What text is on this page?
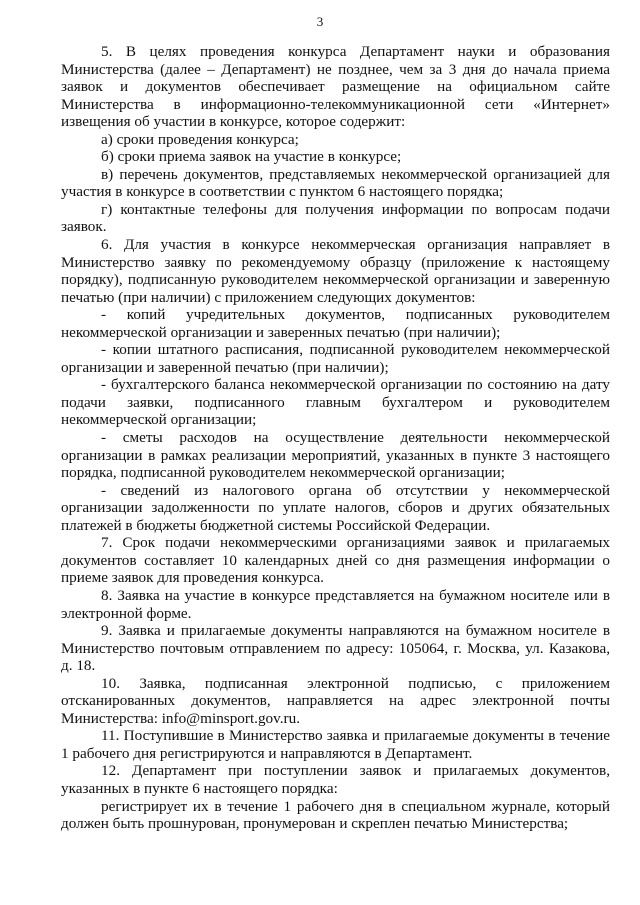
3

5. В целях проведения конкурса Департамент науки и образования Министерства (далее – Департамент) не позднее, чем за 3 дня до начала приема заявок и документов обеспечивает размещение на официальном сайте Министерства в информационно-телекоммуникационной сети «Интернет» извещения об участии в конкурсе, которое содержит:

а) сроки проведения конкурса;

б) сроки приема заявок на участие в конкурсе;

в) перечень документов, представляемых некоммерческой организацией для участия в конкурсе в соответствии с пунктом 6 настоящего порядка;

г) контактные телефоны для получения информации по вопросам подачи заявок.

6. Для участия в конкурсе некоммерческая организация направляет в Министерство заявку по рекомендуемому образцу (приложение к настоящему порядку), подписанную руководителем некоммерческой организации и заверенную печатью (при наличии) с приложением следующих документов:

- копий учредительных документов, подписанных руководителем некоммерческой организации и заверенных печатью (при наличии);

- копии штатного расписания, подписанной руководителем некоммерческой организации и заверенной печатью (при наличии);

- бухгалтерского баланса некоммерческой организации по состоянию на дату подачи заявки, подписанного главным бухгалтером и руководителем некоммерческой организации;

- сметы расходов на осуществление деятельности некоммерческой организации в рамках реализации мероприятий, указанных в пункте 3 настоящего порядка, подписанной руководителем некоммерческой организации;

- сведений из налогового органа об отсутствии у некоммерческой организации задолженности по уплате налогов, сборов и других обязательных платежей в бюджеты бюджетной системы Российской Федерации.

7. Срок подачи некоммерческими организациями заявок и прилагаемых документов составляет 10 календарных дней со дня размещения информации о приеме заявок для проведения конкурса.

8. Заявка на участие в конкурсе представляется на бумажном носителе или в электронной форме.

9. Заявка и прилагаемые документы направляются на бумажном носителе в Министерство почтовым отправлением по адресу: 105064, г. Москва, ул. Казакова, д. 18.

10. Заявка, подписанная электронной подписью, с приложением отсканированных документов, направляется на адрес электронной почты Министерства: info@minsport.gov.ru.

11. Поступившие в Министерство заявка и прилагаемые документы в течение 1 рабочего дня регистрируются и направляются в Департамент.

12. Департамент при поступлении заявок и прилагаемых документов, указанных в пункте 6 настоящего порядка:

регистрирует их в течение 1 рабочего дня в специальном журнале, который должен быть прошнурован, пронумерован и скреплен печатью Министерства;
